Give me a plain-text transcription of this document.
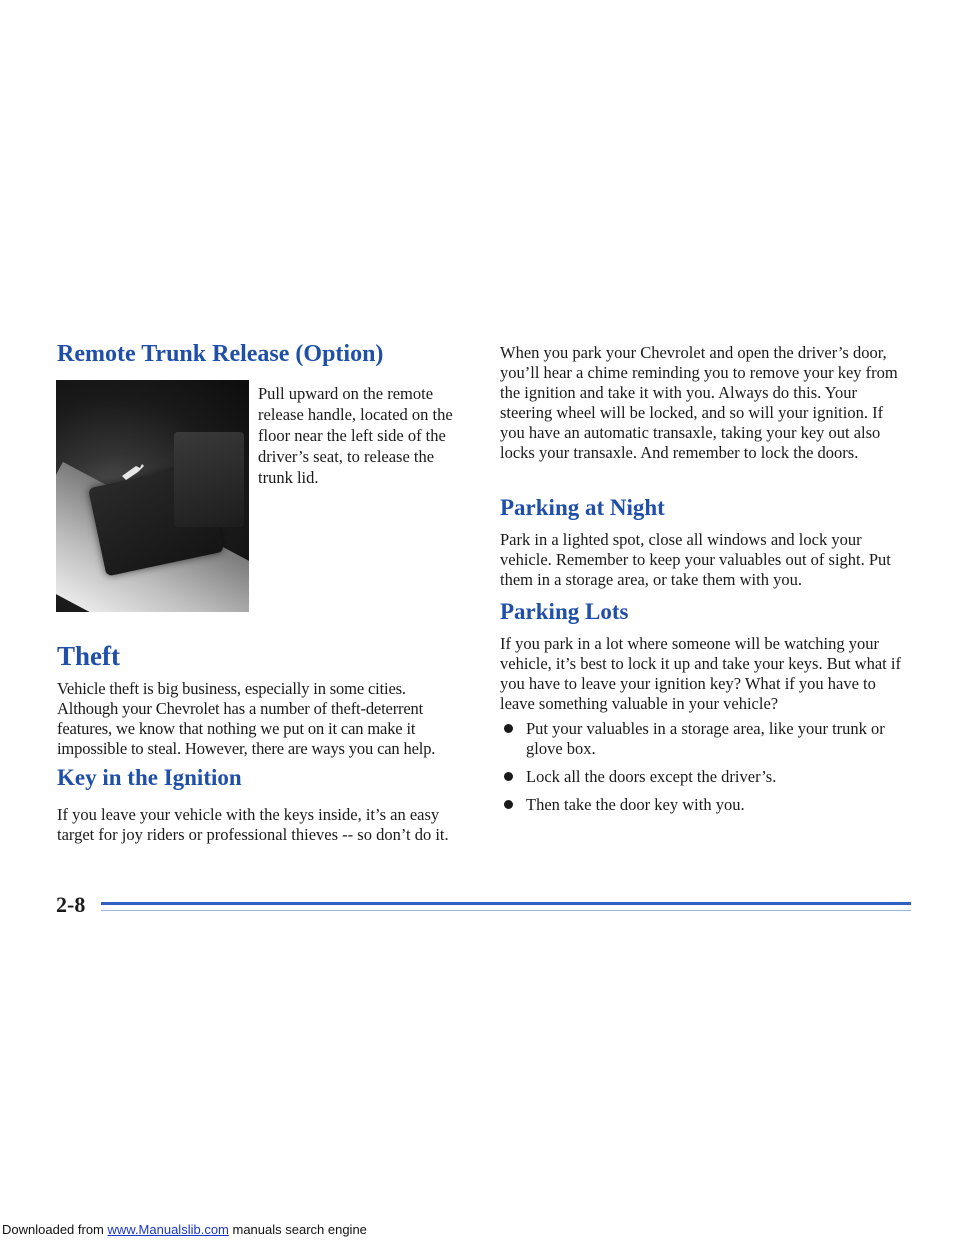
Remote Trunk Release (Option)

Pull upward on the remote release handle, located on the floor near the left side of the driver’s seat, to release the trunk lid.

Theft

Vehicle theft is big business, especially in some cities. Although your Chevrolet has a number of theft-deterrent features, we know that nothing we put on it can make it impossible to steal. However, there are ways you can help.

Key in the Ignition

If you leave your vehicle with the keys inside, it’s an easy target for joy riders or professional thieves -- so don’t do it.

When you park your Chevrolet and open the driver’s door, you’ll hear a chime reminding you to remove your key from the ignition and take it with you. Always do this. Your steering wheel will be locked, and so will your ignition. If you have an automatic transaxle, taking your key out also locks your transaxle. And remember to lock the doors.

Parking at Night

Park in a lighted spot, close all windows and lock your vehicle. Remember to keep your valuables out of sight. Put them in a storage area, or take them with you.

Parking Lots

If you park in a lot where someone will be watching your vehicle, it’s best to lock it up and take your keys. But what if you have to leave your ignition key? What if you have to leave something valuable in your vehicle?

Put your valuables in a storage area, like your trunk or glove box.
Lock all the doors except the driver’s.
Then take the door key with you.
2-8
Downloaded from www.Manualslib.com manuals search engine
